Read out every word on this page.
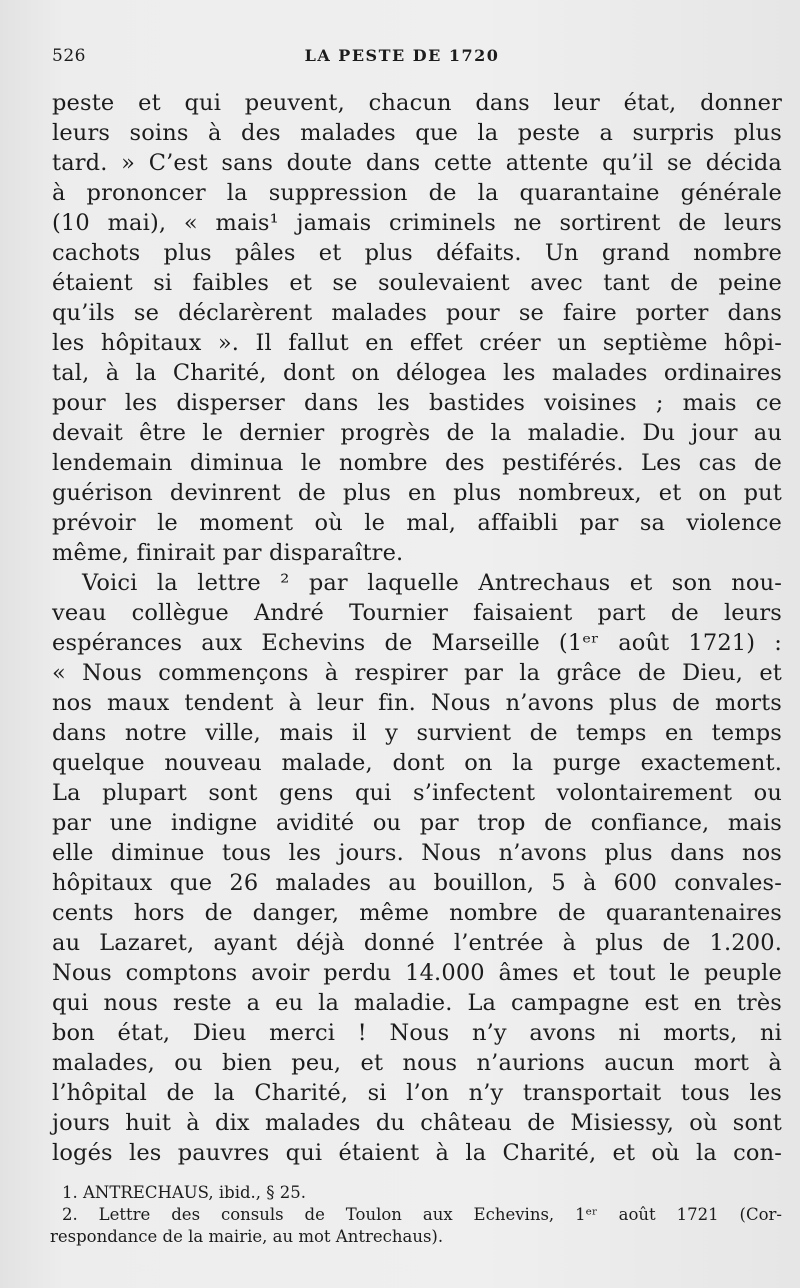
526	LA PESTE DE 1720
peste et qui peuvent, chacun dans leur état, donner
leurs soins à des malades que la peste a surpris plus
tard. » C’est sans doute dans cette attente qu’il se décida
à prononcer la suppression de la quarantaine générale
(10 mai), « mais¹ jamais criminels ne sortirent de leurs
cachots plus pâles et plus défaits. Un grand nombre
étaient si faibles et se soulevaient avec tant de peine
qu’ils se déclarèrent malades pour se faire porter dans
les hôpitaux ». Il fallut en effet créer un septième hôpi-
tal, à la Charité, dont on délogea les malades ordinaires
pour les disperser dans les bastides voisines ; mais ce
devait être le dernier progrès de la maladie. Du jour au
lendemain diminua le nombre des pestiférés. Les cas de
guérison devinrent de plus en plus nombreux, et on put
prévoir le moment où le mal, affaibli par sa violence
même, finirait par disparaître.
Voici la lettre ² par laquelle Antrechaus et son nou-
veau collègue André Tournier faisaient part de leurs
espérances aux Echevins de Marseille (1ᵉʳ août 1721) :
« Nous commençons à respirer par la grâce de Dieu, et
nos maux tendent à leur fin. Nous n’avons plus de morts
dans notre ville, mais il y survient de temps en temps
quelque nouveau malade, dont on la purge exactement.
La plupart sont gens qui s’infectent volontairement ou
par une indigne avidité ou par trop de confiance, mais
elle diminue tous les jours. Nous n’avons plus dans nos
hôpitaux que 26 malades au bouillon, 5 à 600 convales-
cents hors de danger, même nombre de quarantenaires
au Lazaret, ayant déjà donné l’entrée à plus de 1.200.
Nous comptons avoir perdu 14.000 âmes et tout le peuple
qui nous reste a eu la maladie. La campagne est en très
bon état, Dieu merci ! Nous n’y avons ni morts, ni
malades, ou bien peu, et nous n’aurions aucun mort à
l’hôpital de la Charité, si l’on n’y transportait tous les
jours huit à dix malades du château de Misiessy, où sont
logés les pauvres qui étaient à la Charité, et où la con-
1. ANTRECHAUS, ibid., § 25.
2. Lettre des consuls de Toulon aux Echevins, 1ᵉʳ août 1721 (Cor-
respondance de la mairie, au mot Antrechaus).
